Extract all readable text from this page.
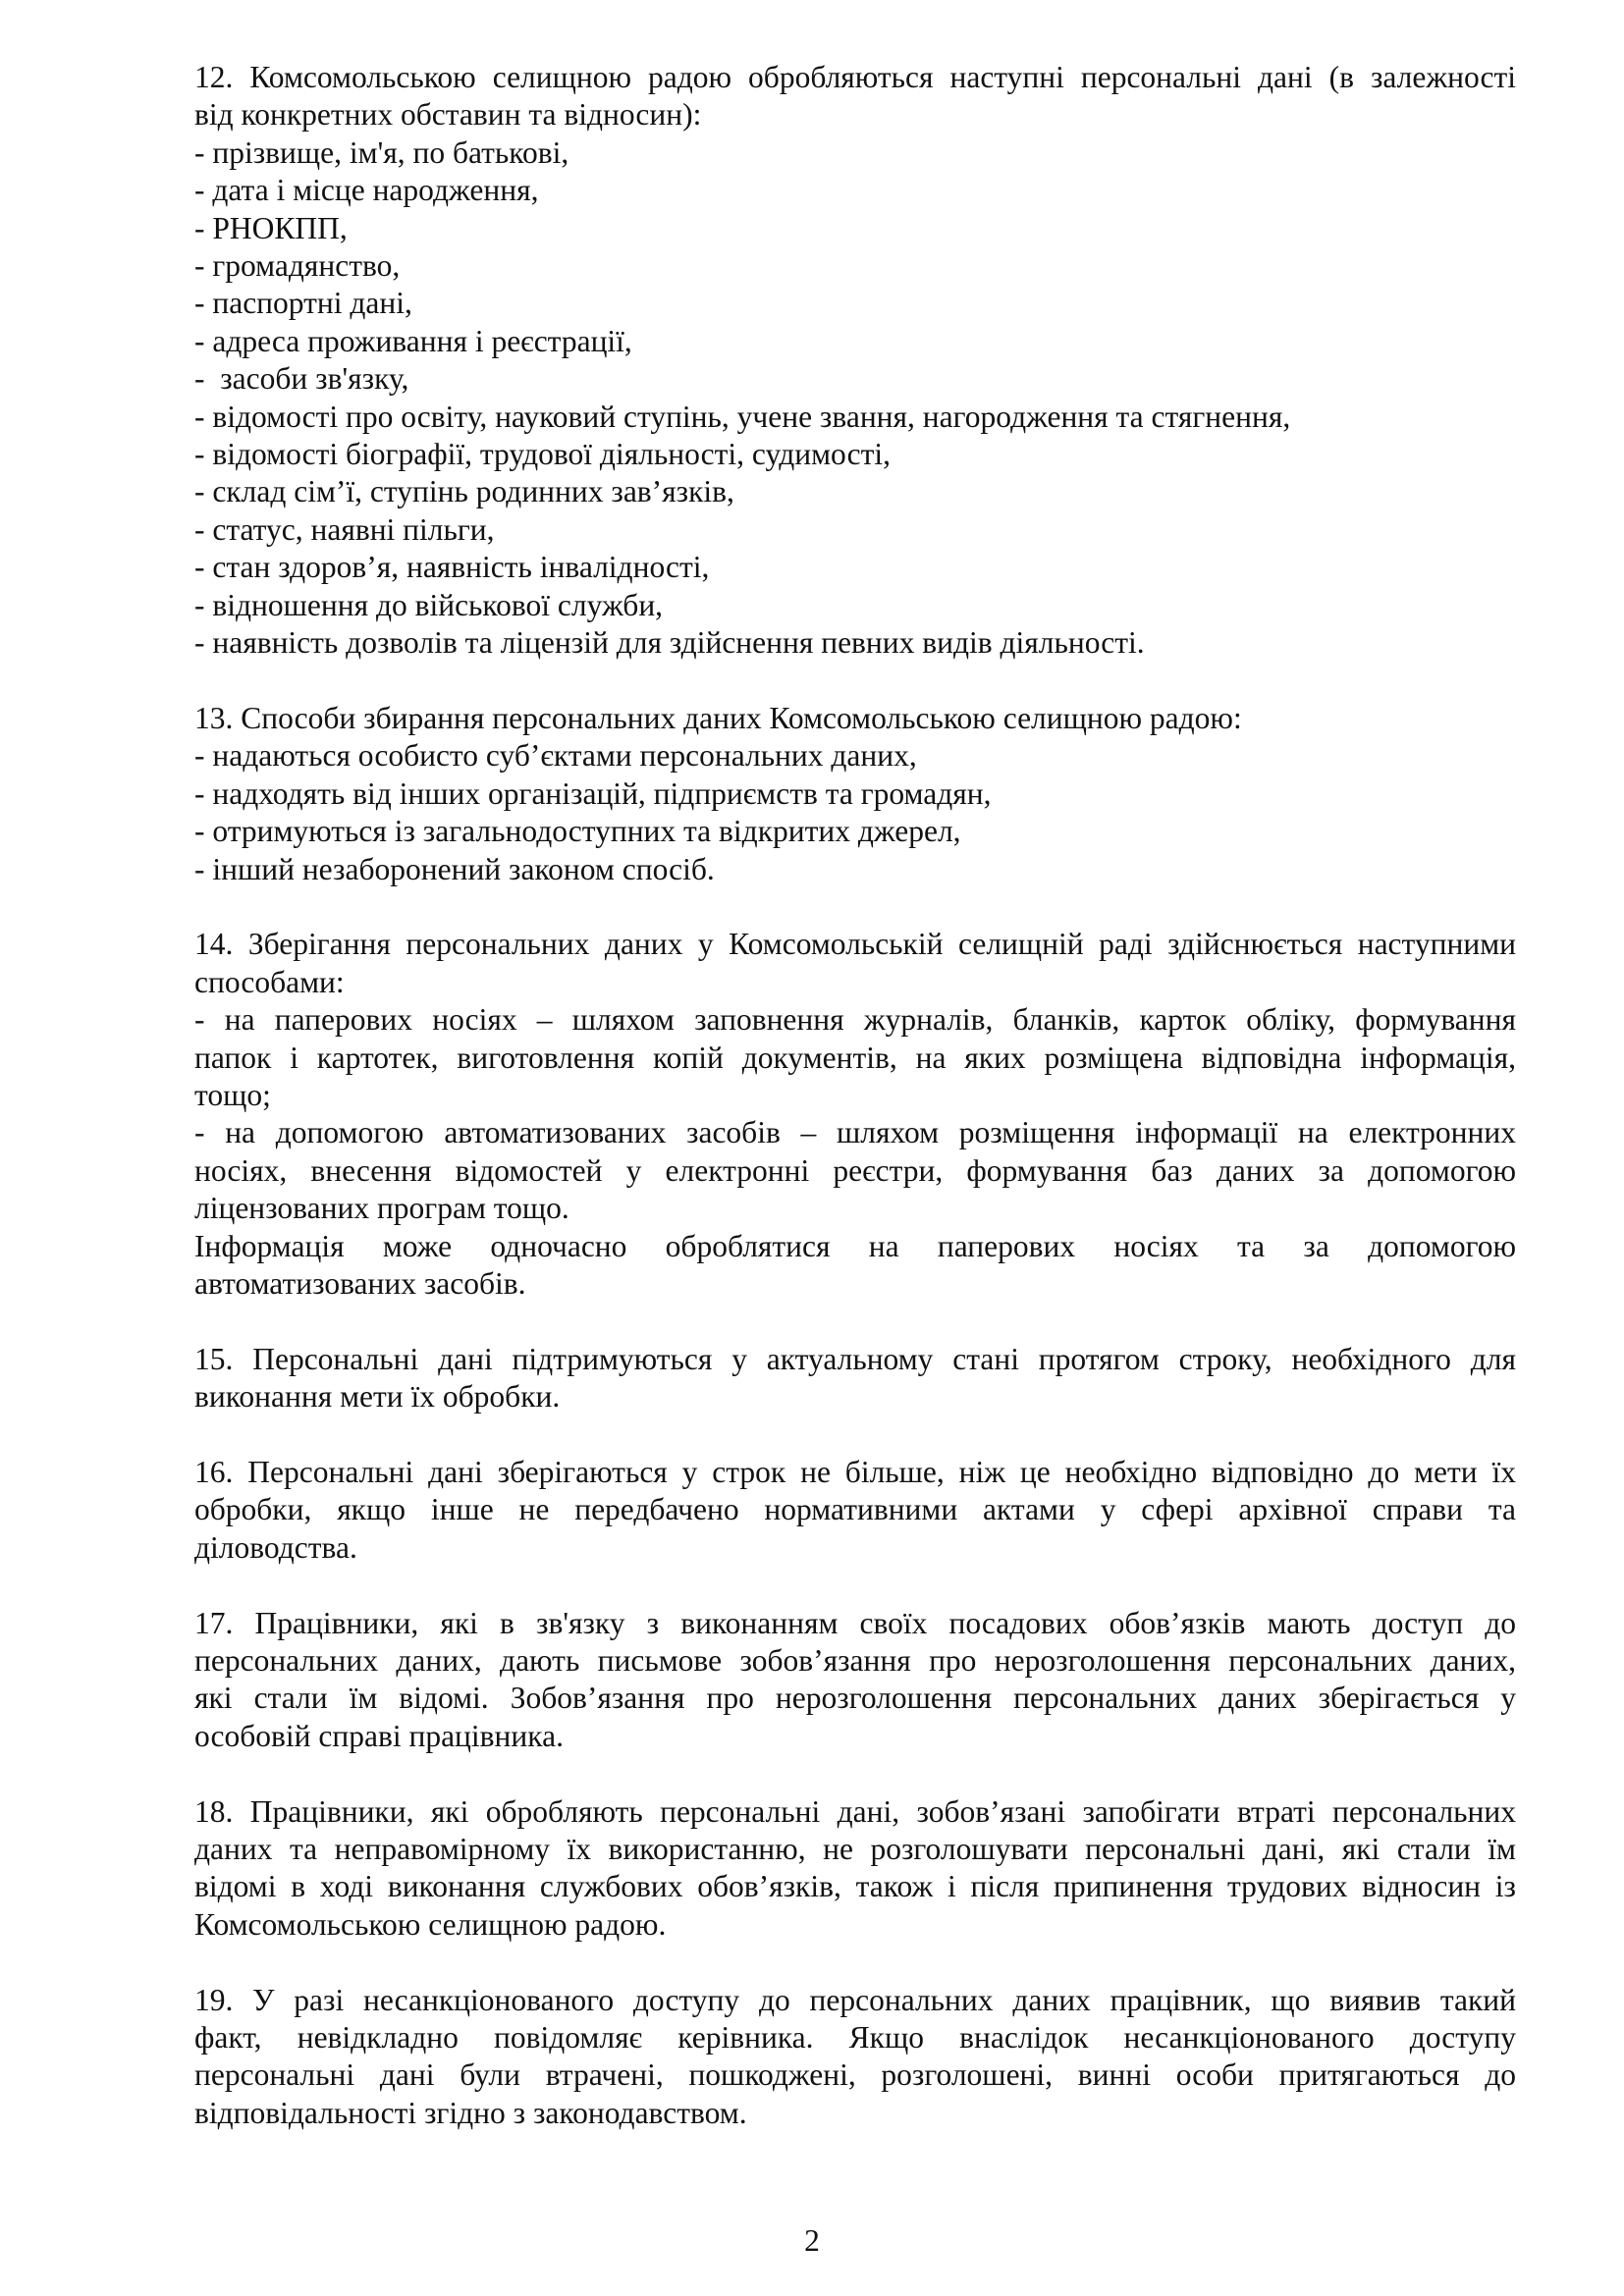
12. Комсомольською селищною радою обробляються наступні персональні дані (в залежності
від конкретних обставин та відносин):
- прізвище, ім'я, по батькові,
- дата і місце народження,
- РНОКПП,
- громадянство,
- паспортні дані,
- адреса проживання і реєстрації,
-  засоби зв'язку,
- відомості про освіту, науковий ступінь, учене звання, нагородження та стягнення,
- відомості біографії, трудової діяльності, судимості,
- склад сім’ї, ступінь родинних зав’язків,
- статус, наявні пільги,
- стан здоров’я, наявність інвалідності,
- відношення до військової служби,
- наявність дозволів та ліцензій для здійснення певних видів діяльності.
13. Способи збирання персональних даних Комсомольською селищною радою:
- надаються особисто суб’єктами персональних даних,
- надходять від інших організацій, підприємств та громадян,
- отримуються із загальнодоступних та відкритих джерел,
- інший незаборонений законом спосіб.
14. Зберігання персональних даних у Комсомольській селищній раді здійснюється наступними
способами:
- на паперових носіях – шляхом заповнення журналів, бланків, карток обліку, формування
папок і картотек, виготовлення копій документів, на яких розміщена відповідна інформація,
тощо;
- на допомогою автоматизованих засобів – шляхом розміщення інформації на електронних
носіях, внесення відомостей у електронні реєстри, формування баз даних за допомогою
ліцензованих програм тощо.
Інформація може одночасно оброблятися на паперових носіях та за допомогою
автоматизованих засобів.
15. Персональні дані підтримуються у актуальному стані протягом строку, необхідного для
виконання мети їх обробки.
16. Персональні дані зберігаються у строк не більше, ніж це необхідно відповідно до мети їх
обробки, якщо інше не передбачено нормативними актами у сфері архівної справи та
діловодства.
17. Працівники, які в зв'язку з виконанням своїх посадових обов’язків мають доступ до
персональних даних, дають письмове зобов’язання про нерозголошення персональних даних,
які стали їм відомі. Зобов’язання про нерозголошення персональних даних зберігається у
особовій справі працівника.
18. Працівники, які обробляють персональні дані, зобов’язані запобігати втраті персональних
даних та неправомірному їх використанню, не розголошувати персональні дані, які стали їм
відомі в ході виконання службових обов’язків, також і після припинення трудових відносин із
Комсомольською селищною радою.
19. У разі несанкціонованого доступу до персональних даних працівник, що виявив такий
факт, невідкладно повідомляє керівника. Якщо внаслідок несанкціонованого доступу
персональні дані були втрачені, пошкоджені, розголошені, винні особи притягаються до
відповідальності згідно з законодавством.
2
